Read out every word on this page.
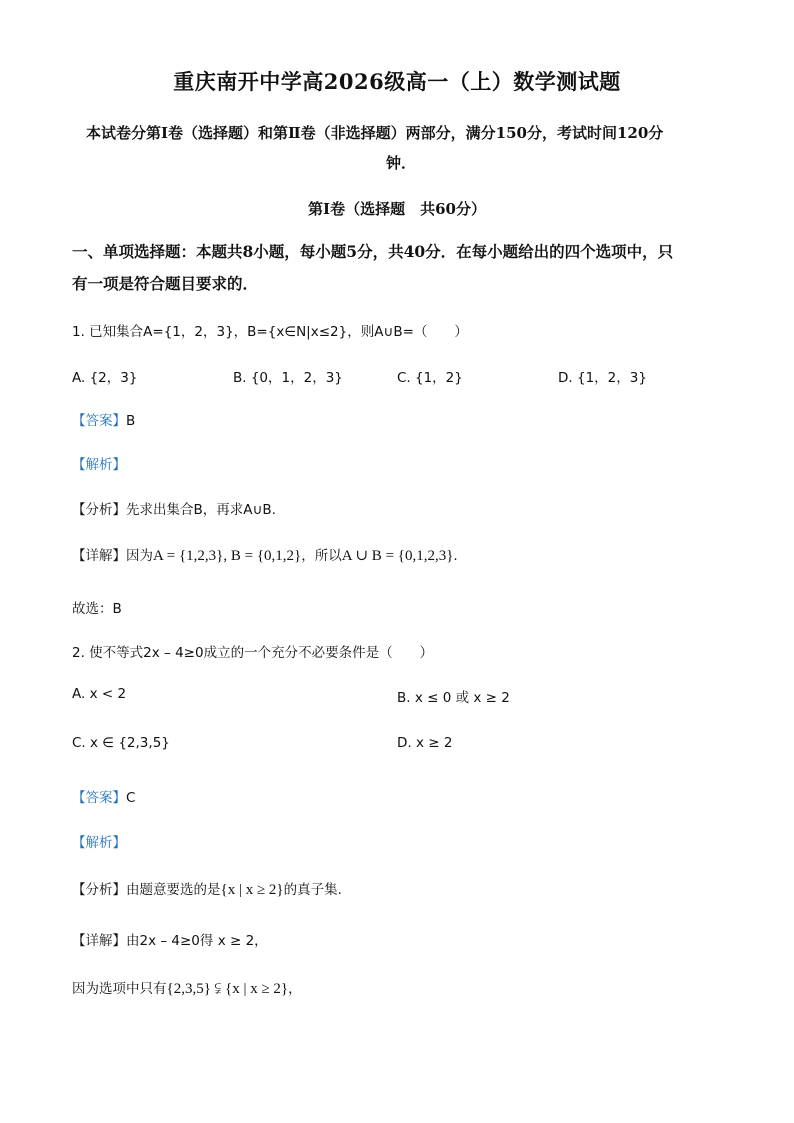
重庆南开中学高2026级高一（上）数学测试题
本试卷分第Ⅰ卷（选择题）和第Ⅱ卷（非选择题）两部分，满分150分，考试时间120分
钟．
第Ⅰ卷（选择题　共60分）
一、单项选择题：本题共8小题，每小题5分，共40分．在每小题给出的四个选项中，只
有一项是符合题目要求的．
1. 已知集合A={1，2，3}，B={x∈N|x≤2}，则A∪B=（　　）
A. {2，3}	B. {0，1，2，3}	C. {1，2}	D. {1，2，3}
【答案】B
【解析】
【分析】先求出集合B，再求A∪B.
【详解】因为A = {1,2,3}, B = {0,1,2}，所以A ∪ B = {0,1,2,3}.
故选：B
2. 使不等式2x – 4≥0成立的一个充分不必要条件是（　　）
A. x < 2	B. x ≤ 0 或 x ≥ 2
C. x ∈ {2,3,5}	D. x ≥ 2
【答案】C
【解析】
【分析】由题意要选的是{x | x ≥ 2}的真子集.
【详解】由2x – 4≥0得 x ≥ 2，
因为选项中只有{2,3,5} ⫋ {x | x ≥ 2}，
